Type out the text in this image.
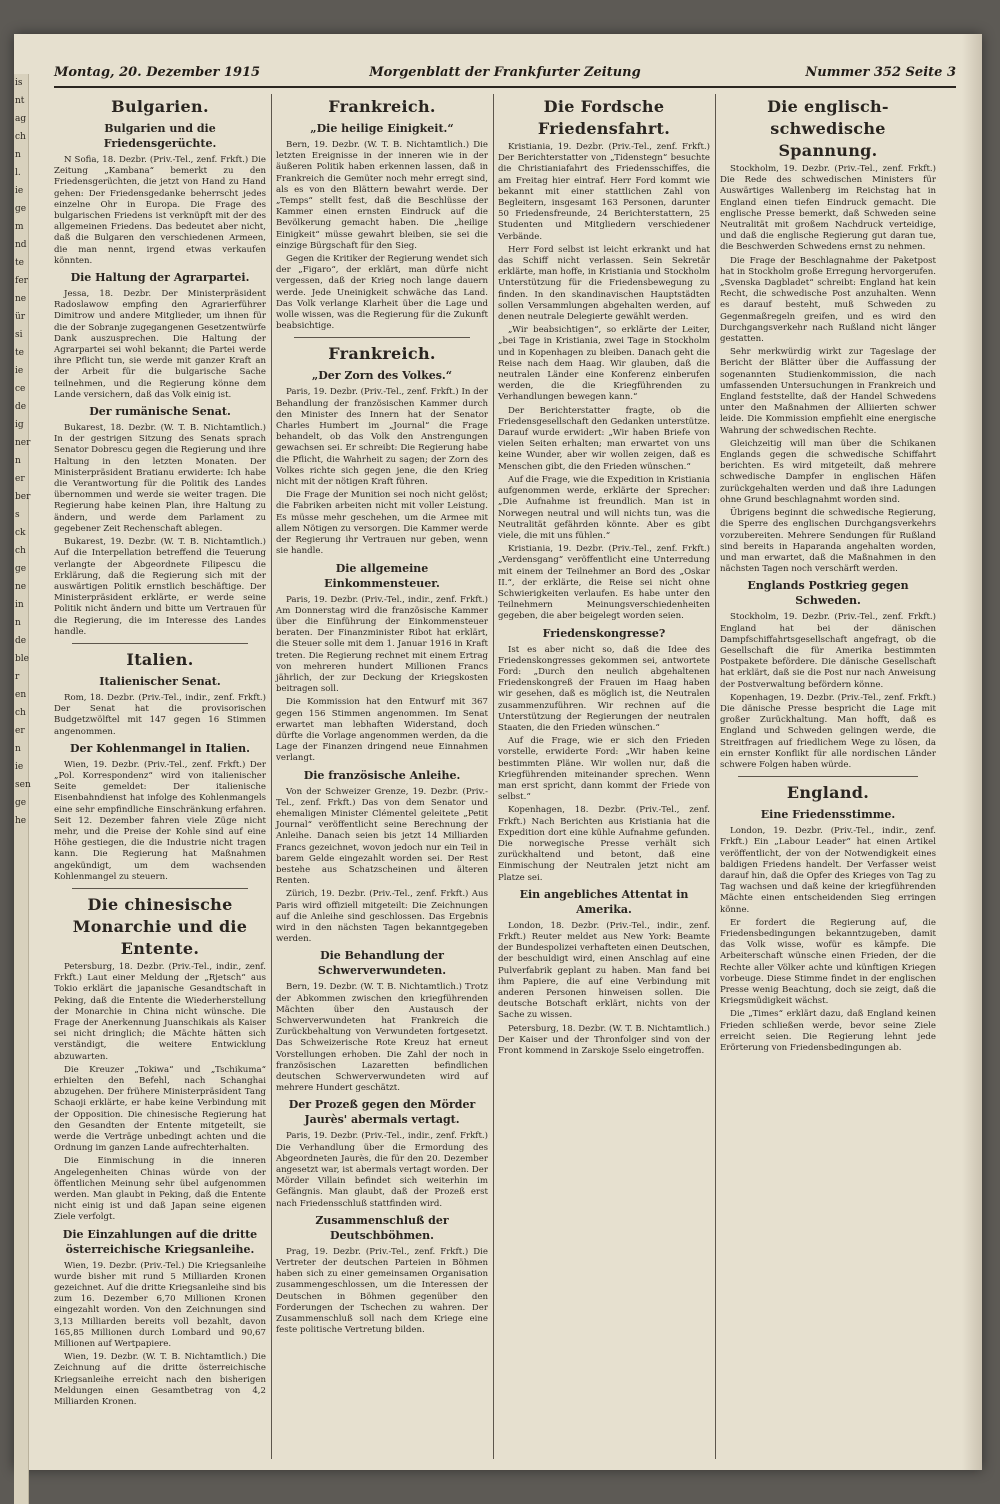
is
nt
ag
ch
n
l.
ie
ge
m
nd
te
fer
ne
ür
si
te
ie
ce
de
ig
ner
n
er
ber
s
ck
ch
ge
ne
in
n
de
ble
r
en
ch
er
n
ie
sen
ge
he
Montag, 20. Dezember 1915	Morgenblatt der Frankfurter Zeitung	Nummer 352 Seite 3
Bulgarien.
Bulgarien und die Friedensgerüchte.

N Sofia, 18. Dezbr. (Priv.-Tel., zenf. Frkft.) Die Zeitung „Kambana“ bemerkt zu den Friedensgerüchten, die jetzt von Hand zu Hand gehen: Der Friedensgedanke beherrscht jedes einzelne Ohr in Europa. Die Frage des bulgarischen Friedens ist verknüpft mit der des allgemeinen Friedens. Das bedeutet aber nicht, daß die Bulgaren den verschiedenen Armeen, die man nennt, irgend etwas verkaufen könnten.

Die Haltung der Agrarpartei.

Jessa, 18. Dezbr. Der Ministerpräsident Radoslawow empfing den Agrarierführer Dimitrow und andere Mitglieder, um ihnen für die der Sobranje zugegangenen Gesetzentwürfe Dank auszusprechen. Die Haltung der Agrarpartei sei wohl bekannt; die Partei werde ihre Pflicht tun, sie werde mit ganzer Kraft an der Arbeit für die bulgarische Sache teilnehmen, und die Regierung könne dem Lande versichern, daß das Volk einig ist.

Der rumänische Senat.

Bukarest, 18. Dezbr. (W. T. B. Nichtamtlich.) In der gestrigen Sitzung des Senats sprach Senator Dobrescu gegen die Regierung und ihre Haltung in den letzten Monaten. Der Ministerpräsident Bratianu erwiderte: Ich habe die Verantwortung für die Politik des Landes übernommen und werde sie weiter tragen. Die Regierung habe keinen Plan, ihre Haltung zu ändern, und werde dem Parlament zu gegebener Zeit Rechenschaft ablegen.

Bukarest, 19. Dezbr. (W. T. B. Nichtamtlich.) Auf die Interpellation betreffend die Teuerung verlangte der Abgeordnete Filipescu die Erklärung, daß die Regierung sich mit der auswärtigen Politik ernstlich beschäftige. Der Ministerpräsident erklärte, er werde seine Politik nicht ändern und bitte um Vertrauen für die Regierung, die im Interesse des Landes handle.

Italien.
Italienischer Senat.

Rom, 18. Dezbr. (Priv.-Tel., indir., zenf. Frkft.) Der Senat hat die provisorischen Budgetzwölftel mit 147 gegen 16 Stimmen angenommen.

Der Kohlenmangel in Italien.

Wien, 19. Dezbr. (Priv.-Tel., zenf. Frkft.) Der „Pol. Korrespondenz“ wird von italienischer Seite gemeldet: Der italienische Eisenbahndienst hat infolge des Kohlenmangels eine sehr empfindliche Einschränkung erfahren. Seit 12. Dezember fahren viele Züge nicht mehr, und die Preise der Kohle sind auf eine Höhe gestiegen, die die Industrie nicht tragen kann. Die Regierung hat Maßnahmen angekündigt, um dem wachsenden Kohlenmangel zu steuern.

Die chinesische Monarchie und die Entente.

Petersburg, 18. Dezbr. (Priv.-Tel., indir., zenf. Frkft.) Laut einer Meldung der „Rjetsch“ aus Tokio erklärt die japanische Gesandtschaft in Peking, daß die Entente die Wiederherstellung der Monarchie in China nicht wünsche. Die Frage der Anerkennung Juanschikais als Kaiser sei nicht dringlich; die Mächte hätten sich verständigt, die weitere Entwicklung abzuwarten.

Die Kreuzer „Tokiwa“ und „Tschikuma“ erhielten den Befehl, nach Schanghai abzugehen. Der frühere Ministerpräsident Tang Schaoji erklärte, er habe keine Verbindung mit der Opposition. Die chinesische Regierung hat den Gesandten der Entente mitgeteilt, sie werde die Verträge unbedingt achten und die Ordnung im ganzen Lande aufrechterhalten.

Die Einmischung in die inneren Angelegenheiten Chinas würde von der öffentlichen Meinung sehr übel aufgenommen werden. Man glaubt in Peking, daß die Entente nicht einig ist und daß Japan seine eigenen Ziele verfolgt.

Die Einzahlungen auf die dritte österreichische Kriegsanleihe.

Wien, 19. Dezbr. (Priv.-Tel.) Die Kriegsanleihe wurde bisher mit rund 5 Milliarden Kronen gezeichnet. Auf die dritte Kriegsanleihe sind bis zum 16. Dezember 6,70 Millionen Kronen eingezahlt worden. Von den Zeichnungen sind 3,13 Milliarden bereits voll bezahlt, davon 165,85 Millionen durch Lombard und 90,67 Millionen auf Wertpapiere.

Wien, 19. Dezbr. (W. T. B. Nichtamtlich.) Die Zeichnung auf die dritte österreichische Kriegsanleihe erreicht nach den bisherigen Meldungen einen Gesamtbetrag von 4,2 Milliarden Kronen.

Frankreich.
„Die heilige Einigkeit.“

Bern, 19. Dezbr. (W. T. B. Nichtamtlich.) Die letzten Ereignisse in der inneren wie in der äußeren Politik haben erkennen lassen, daß in Frankreich die Gemüter noch mehr erregt sind, als es von den Blättern bewahrt werde. Der „Temps“ stellt fest, daß die Beschlüsse der Kammer einen ernsten Eindruck auf die Bevölkerung gemacht haben. Die „heilige Einigkeit“ müsse gewahrt bleiben, sie sei die einzige Bürgschaft für den Sieg.

Gegen die Kritiker der Regierung wendet sich der „Figaro“, der erklärt, man dürfe nicht vergessen, daß der Krieg noch lange dauern werde. Jede Uneinigkeit schwäche das Land. Das Volk verlange Klarheit über die Lage und wolle wissen, was die Regierung für die Zukunft beabsichtige.

Frankreich.
„Der Zorn des Volkes.“

Paris, 19. Dezbr. (Priv.-Tel., zenf. Frkft.) In der Behandlung der französischen Kammer durch den Minister des Innern hat der Senator Charles Humbert im „Journal“ die Frage behandelt, ob das Volk den Anstrengungen gewachsen sei. Er schreibt: Die Regierung habe die Pflicht, die Wahrheit zu sagen; der Zorn des Volkes richte sich gegen jene, die den Krieg nicht mit der nötigen Kraft führen.

Die Frage der Munition sei noch nicht gelöst; die Fabriken arbeiten nicht mit voller Leistung. Es müsse mehr geschehen, um die Armee mit allem Nötigen zu versorgen. Die Kammer werde der Regierung ihr Vertrauen nur geben, wenn sie handle.

Die allgemeine Einkommensteuer.

Paris, 19. Dezbr. (Priv.-Tel., indir., zenf. Frkft.) Am Donnerstag wird die französische Kammer über die Einführung der Einkommensteuer beraten. Der Finanzminister Ribot hat erklärt, die Steuer solle mit dem 1. Januar 1916 in Kraft treten. Die Regierung rechnet mit einem Ertrag von mehreren hundert Millionen Francs jährlich, der zur Deckung der Kriegskosten beitragen soll.

Die Kommission hat den Entwurf mit 367 gegen 156 Stimmen angenommen. Im Senat erwartet man lebhaften Widerstand, doch dürfte die Vorlage angenommen werden, da die Lage der Finanzen dringend neue Einnahmen verlangt.

Die französische Anleihe.

Von der Schweizer Grenze, 19. Dezbr. (Priv.-Tel., zenf. Frkft.) Das von dem Senator und ehemaligen Minister Clémentel geleitete „Petit Journal“ veröffentlicht seine Berechnung der Anleihe. Danach seien bis jetzt 14 Milliarden Francs gezeichnet, wovon jedoch nur ein Teil in barem Gelde eingezahlt worden sei. Der Rest bestehe aus Schatzscheinen und älteren Renten.

Zürich, 19. Dezbr. (Priv.-Tel., zenf. Frkft.) Aus Paris wird offiziell mitgeteilt: Die Zeichnungen auf die Anleihe sind geschlossen. Das Ergebnis wird in den nächsten Tagen bekanntgegeben werden.

Die Behandlung der Schwerverwundeten.

Bern, 19. Dezbr. (W. T. B. Nichtamtlich.) Trotz der Abkommen zwischen den kriegführenden Mächten über den Austausch der Schwerverwundeten hat Frankreich die Zurückbehaltung von Verwundeten fortgesetzt. Das Schweizerische Rote Kreuz hat erneut Vorstellungen erhoben. Die Zahl der noch in französischen Lazaretten befindlichen deutschen Schwerverwundeten wird auf mehrere Hundert geschätzt.

Der Prozeß gegen den Mörder Jaurès' abermals vertagt.

Paris, 19. Dezbr. (Priv.-Tel., indir., zenf. Frkft.) Die Verhandlung über die Ermordung des Abgeordneten Jaurès, die für den 20. Dezember angesetzt war, ist abermals vertagt worden. Der Mörder Villain befindet sich weiterhin im Gefängnis. Man glaubt, daß der Prozeß erst nach Friedensschluß stattfinden wird.

Zusammenschluß der Deutschböhmen.

Prag, 19. Dezbr. (Priv.-Tel., zenf. Frkft.) Die Vertreter der deutschen Parteien in Böhmen haben sich zu einer gemeinsamen Organisation zusammengeschlossen, um die Interessen der Deutschen in Böhmen gegenüber den Forderungen der Tschechen zu wahren. Der Zusammenschluß soll nach dem Kriege eine feste politische Vertretung bilden.

Die Fordsche Friedensfahrt.

Kristiania, 19. Dezbr. (Priv.-Tel., zenf. Frkft.) Der Berichterstatter von „Tidenstegn“ besuchte die Christianiafahrt des Friedensschiffes, die am Freitag hier eintraf. Herr Ford kommt wie bekannt mit einer stattlichen Zahl von Begleitern, insgesamt 163 Personen, darunter 50 Friedensfreunde, 24 Berichterstattern, 25 Studenten und Mitgliedern verschiedener Verbände.

Herr Ford selbst ist leicht erkrankt und hat das Schiff nicht verlassen. Sein Sekretär erklärte, man hoffe, in Kristiania und Stockholm Unterstützung für die Friedensbewegung zu finden. In den skandinavischen Hauptstädten sollen Versammlungen abgehalten werden, auf denen neutrale Delegierte gewählt werden.

„Wir beabsichtigen“, so erklärte der Leiter, „bei Tage in Kristiania, zwei Tage in Stockholm und in Kopenhagen zu bleiben. Danach geht die Reise nach dem Haag. Wir glauben, daß die neutralen Länder eine Konferenz einberufen werden, die die Kriegführenden zu Verhandlungen bewegen kann.“

Der Berichterstatter fragte, ob die Friedensgesellschaft den Gedanken unterstütze. Darauf wurde erwidert: „Wir haben Briefe von vielen Seiten erhalten; man erwartet von uns keine Wunder, aber wir wollen zeigen, daß es Menschen gibt, die den Frieden wünschen.“

Auf die Frage, wie die Expedition in Kristiania aufgenommen werde, erklärte der Sprecher: „Die Aufnahme ist freundlich. Man ist in Norwegen neutral und will nichts tun, was die Neutralität gefährden könnte. Aber es gibt viele, die mit uns fühlen.“

Kristiania, 19. Dezbr. (Priv.-Tel., zenf. Frkft.) „Verdensgang“ veröffentlicht eine Unterredung mit einem der Teilnehmer an Bord des „Oskar II.“, der erklärte, die Reise sei nicht ohne Schwierigkeiten verlaufen. Es habe unter den Teilnehmern Meinungsverschiedenheiten gegeben, die aber beigelegt worden seien.

Friedenskongresse?

Ist es aber nicht so, daß die Idee des Friedenskongresses gekommen sei, antwortete Ford: „Durch den neulich abgehaltenen Friedenskongreß der Frauen im Haag haben wir gesehen, daß es möglich ist, die Neutralen zusammenzuführen. Wir rechnen auf die Unterstützung der Regierungen der neutralen Staaten, die den Frieden wünschen.“

Auf die Frage, wie er sich den Frieden vorstelle, erwiderte Ford: „Wir haben keine bestimmten Pläne. Wir wollen nur, daß die Kriegführenden miteinander sprechen. Wenn man erst spricht, dann kommt der Friede von selbst.“

Kopenhagen, 18. Dezbr. (Priv.-Tel., zenf. Frkft.) Nach Berichten aus Kristiania hat die Expedition dort eine kühle Aufnahme gefunden. Die norwegische Presse verhält sich zurückhaltend und betont, daß eine Einmischung der Neutralen jetzt nicht am Platze sei.

Ein angebliches Attentat in Amerika.

London, 18. Dezbr. (Priv.-Tel., indir., zenf. Frkft.) Reuter meldet aus New York: Beamte der Bundespolizei verhafteten einen Deutschen, der beschuldigt wird, einen Anschlag auf eine Pulverfabrik geplant zu haben. Man fand bei ihm Papiere, die auf eine Verbindung mit anderen Personen hinweisen sollen. Die deutsche Botschaft erklärt, nichts von der Sache zu wissen.

Petersburg, 18. Dezbr. (W. T. B. Nichtamtlich.) Der Kaiser und der Thronfolger sind von der Front kommend in Zarskoje Sselo eingetroffen.

Die englisch-schwedische Spannung.

Stockholm, 19. Dezbr. (Priv.-Tel., zenf. Frkft.) Die Rede des schwedischen Ministers für Auswärtiges Wallenberg im Reichstag hat in England einen tiefen Eindruck gemacht. Die englische Presse bemerkt, daß Schweden seine Neutralität mit großem Nachdruck verteidige, und daß die englische Regierung gut daran tue, die Beschwerden Schwedens ernst zu nehmen.

Die Frage der Beschlagnahme der Paketpost hat in Stockholm große Erregung hervorgerufen. „Svenska Dagbladet“ schreibt: England hat kein Recht, die schwedische Post anzuhalten. Wenn es darauf besteht, muß Schweden zu Gegenmaßregeln greifen, und es wird den Durchgangsverkehr nach Rußland nicht länger gestatten.

Sehr merkwürdig wirkt zur Tageslage der Bericht der Blätter über die Auffassung der sogenannten Studienkommission, die nach umfassenden Untersuchungen in Frankreich und England feststellte, daß der Handel Schwedens unter den Maßnahmen der Alliierten schwer leide. Die Kommission empfiehlt eine energische Wahrung der schwedischen Rechte.

Gleichzeitig will man über die Schikanen Englands gegen die schwedische Schiffahrt berichten. Es wird mitgeteilt, daß mehrere schwedische Dampfer in englischen Häfen zurückgehalten werden und daß ihre Ladungen ohne Grund beschlagnahmt worden sind.

Übrigens beginnt die schwedische Regierung, die Sperre des englischen Durchgangsverkehrs vorzubereiten. Mehrere Sendungen für Rußland sind bereits in Haparanda angehalten worden, und man erwartet, daß die Maßnahmen in den nächsten Tagen noch verschärft werden.

Englands Postkrieg gegen Schweden.

Stockholm, 19. Dezbr. (Priv.-Tel., zenf. Frkft.) England hat bei der dänischen Dampfschiffahrtsgesellschaft angefragt, ob die Gesellschaft die für Amerika bestimmten Postpakete befördere. Die dänische Gesellschaft hat erklärt, daß sie die Post nur nach Anweisung der Postverwaltung befördern könne.

Kopenhagen, 19. Dezbr. (Priv.-Tel., zenf. Frkft.) Die dänische Presse bespricht die Lage mit großer Zurückhaltung. Man hofft, daß es England und Schweden gelingen werde, die Streitfragen auf friedlichem Wege zu lösen, da ein ernster Konflikt für alle nordischen Länder schwere Folgen haben würde.

England.
Eine Friedensstimme.

London, 19. Dezbr. (Priv.-Tel., indir., zenf. Frkft.) Ein „Labour Leader“ hat einen Artikel veröffentlicht, der von der Notwendigkeit eines baldigen Friedens handelt. Der Verfasser weist darauf hin, daß die Opfer des Krieges von Tag zu Tag wachsen und daß keine der kriegführenden Mächte einen entscheidenden Sieg erringen könne.

Er fordert die Regierung auf, die Friedensbedingungen bekanntzugeben, damit das Volk wisse, wofür es kämpfe. Die Arbeiterschaft wünsche einen Frieden, der die Rechte aller Völker achte und künftigen Kriegen vorbeuge. Diese Stimme findet in der englischen Presse wenig Beachtung, doch sie zeigt, daß die Kriegsmüdigkeit wächst.

Die „Times“ erklärt dazu, daß England keinen Frieden schließen werde, bevor seine Ziele erreicht seien. Die Regierung lehnt jede Erörterung von Friedensbedingungen ab.
